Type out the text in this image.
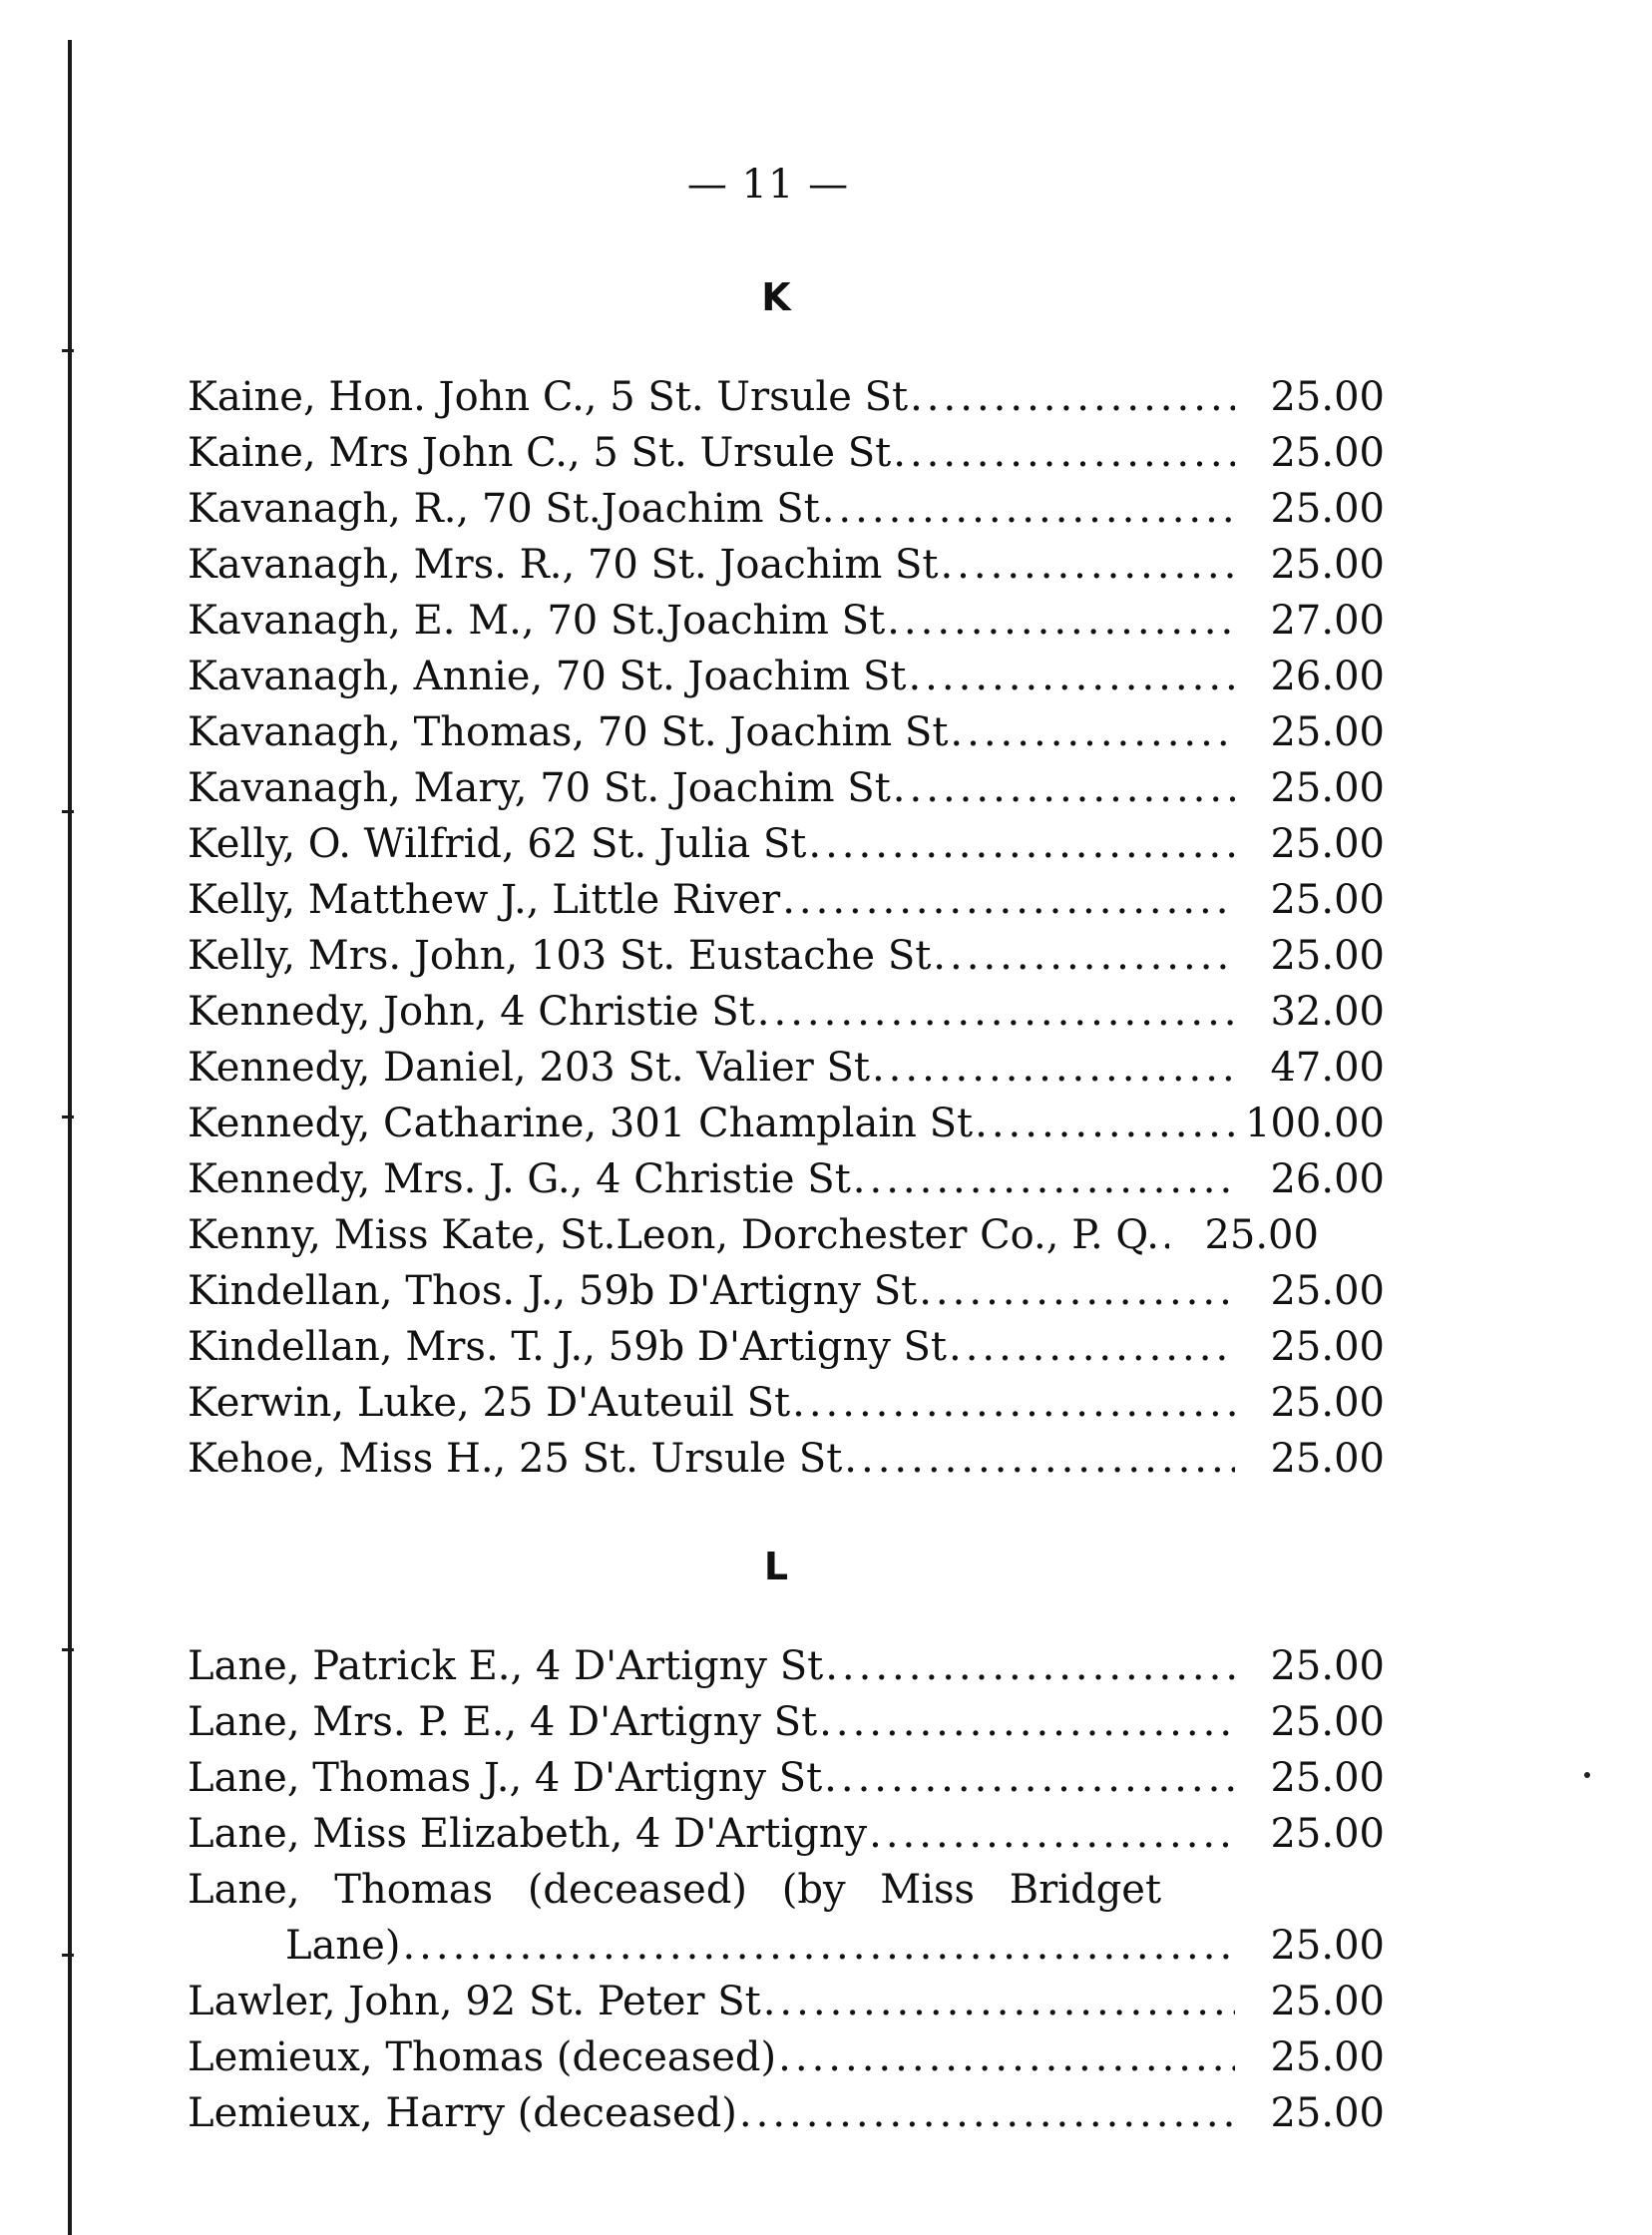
— 11 —
K
Kaine, Hon. John C., 5 St. Ursule St .....	25.00
Kaine, Mrs John C., 5 St. Ursule St .....	25.00
Kavanagh, R., 70 St.Joachim St .....	25.00
Kavanagh, Mrs. R., 70 St. Joachim St .....	25.00
Kavanagh, E. M., 70 St.Joachim St .....	27.00
Kavanagh, Annie, 70 St. Joachim St .....	26.00
Kavanagh, Thomas, 70 St. Joachim St .....	25.00
Kavanagh, Mary, 70 St. Joachim St .....	25.00
Kelly, O. Wilfrid, 62 St. Julia St .....	25.00
Kelly, Matthew J., Little River .....	25.00
Kelly, Mrs. John, 103 St. Eustache St .....	25.00
Kennedy, John, 4 Christie St .....	32.00
Kennedy, Daniel, 203 St. Valier St .....	47.00
Kennedy, Catharine, 301 Champlain St .....	100.00
Kennedy, Mrs. J. G., 4 Christie St .....	26.00
Kenny, Miss Kate, St.Leon, Dorchester Co., P. Q. .....	25.00
Kindellan, Thos. J., 59b D'Artigny St .....	25.00
Kindellan, Mrs. T. J., 59b D'Artigny St .....	25.00
Kerwin, Luke, 25 D'Auteuil St .....	25.00
Kehoe, Miss H., 25 St. Ursule St .....	25.00
L
Lane, Patrick E., 4 D'Artigny St .....	25.00
Lane, Mrs. P. E., 4 D'Artigny St .....	25.00
Lane, Thomas J., 4 D'Artigny St .....	25.00
Lane, Miss Elizabeth, 4 D'Artigny .....	25.00
Lane, Thomas (deceased) (by Miss Bridget
Lane) .....	25.00
Lawler, John, 92 St. Peter St .....	25.00
Lemieux, Thomas (deceased) .....	25.00
Lemieux, Harry (deceased) .....	25.00
